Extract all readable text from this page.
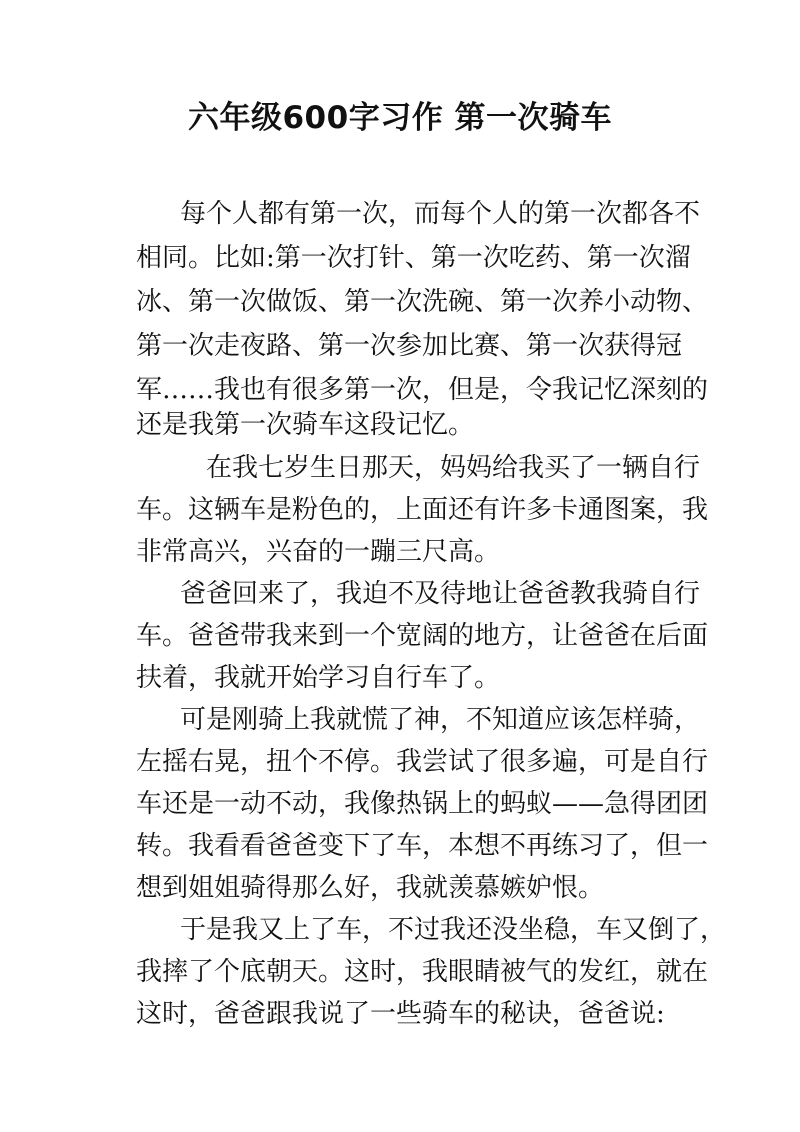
六年级600字习作 第一次骑车

每个人都有第一次，而每个人的第一次都各不

相同。比如:第一次打针、第一次吃药、第一次溜

冰、第一次做饭、第一次洗碗、第一次养小动物、

第一次走夜路、第一次参加比赛、第一次获得冠

军……我也有很多第一次，但是，令我记忆深刻的

还是我第一次骑车这段记忆。

在我七岁生日那天，妈妈给我买了一辆自行

车。这辆车是粉色的，上面还有许多卡通图案，我

非常高兴，兴奋的一蹦三尺高。

爸爸回来了，我迫不及待地让爸爸教我骑自行

车。爸爸带我来到一个宽阔的地方，让爸爸在后面

扶着，我就开始学习自行车了。

可是刚骑上我就慌了神，不知道应该怎样骑，

左摇右晃，扭个不停。我尝试了很多遍，可是自行

车还是一动不动，我像热锅上的蚂蚁——急得团团

转。我看看爸爸变下了车，本想不再练习了，但一

想到姐姐骑得那么好，我就羡慕嫉妒恨。

于是我又上了车，不过我还没坐稳，车又倒了，

我摔了个底朝天。这时，我眼睛被气的发红，就在

这时，爸爸跟我说了一些骑车的秘诀，爸爸说:
